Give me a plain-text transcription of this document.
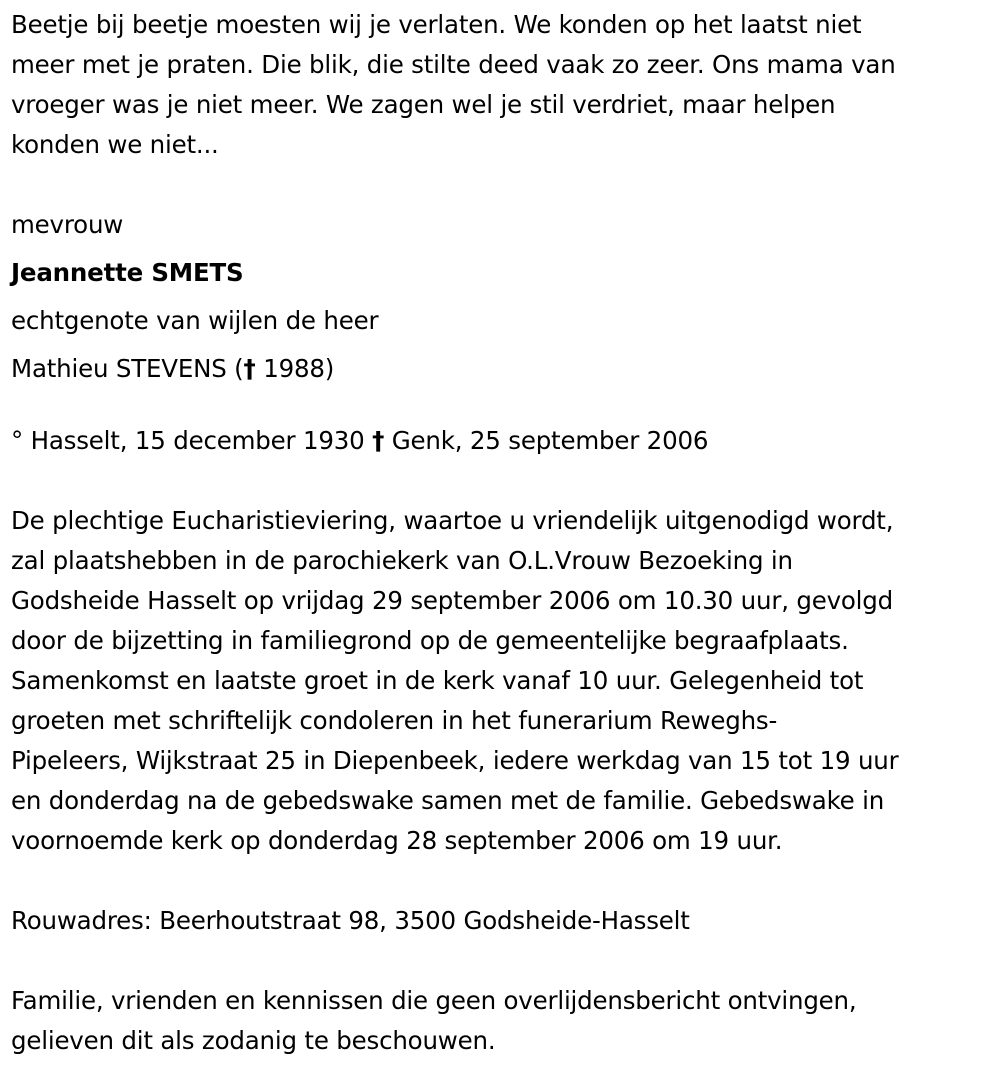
Beetje bij beetje moesten wij je verlaten. We konden op het laatst niet
meer met je praten. Die blik, die stilte deed vaak zo zeer. Ons mama van
vroeger was je niet meer. We zagen wel je stil verdriet, maar helpen
konden we niet...

mevrouw

Jeannette SMETS

echtgenote van wijlen de heer

Mathieu STEVENS († 1988)

° Hasselt, 15 december 1930 † Genk, 25 september 2006

De plechtige Eucharistieviering, waartoe u vriendelijk uitgenodigd wordt,
zal plaatshebben in de parochiekerk van O.L.Vrouw Bezoeking in
Godsheide Hasselt op vrijdag 29 september 2006 om 10.30 uur, gevolgd
door de bijzetting in familiegrond op de gemeentelijke begraafplaats.
Samenkomst en laatste groet in de kerk vanaf 10 uur. Gelegenheid tot
groeten met schriftelijk condoleren in het funerarium Reweghs-
Pipeleers, Wijkstraat 25 in Diepenbeek, iedere werkdag van 15 tot 19 uur
en donderdag na de gebedswake samen met de familie. Gebedswake in
voornoemde kerk op donderdag 28 september 2006 om 19 uur.

Rouwadres: Beerhoutstraat 98, 3500 Godsheide-Hasselt

Familie, vrienden en kennissen die geen overlijdensbericht ontvingen,
gelieven dit als zodanig te beschouwen.
